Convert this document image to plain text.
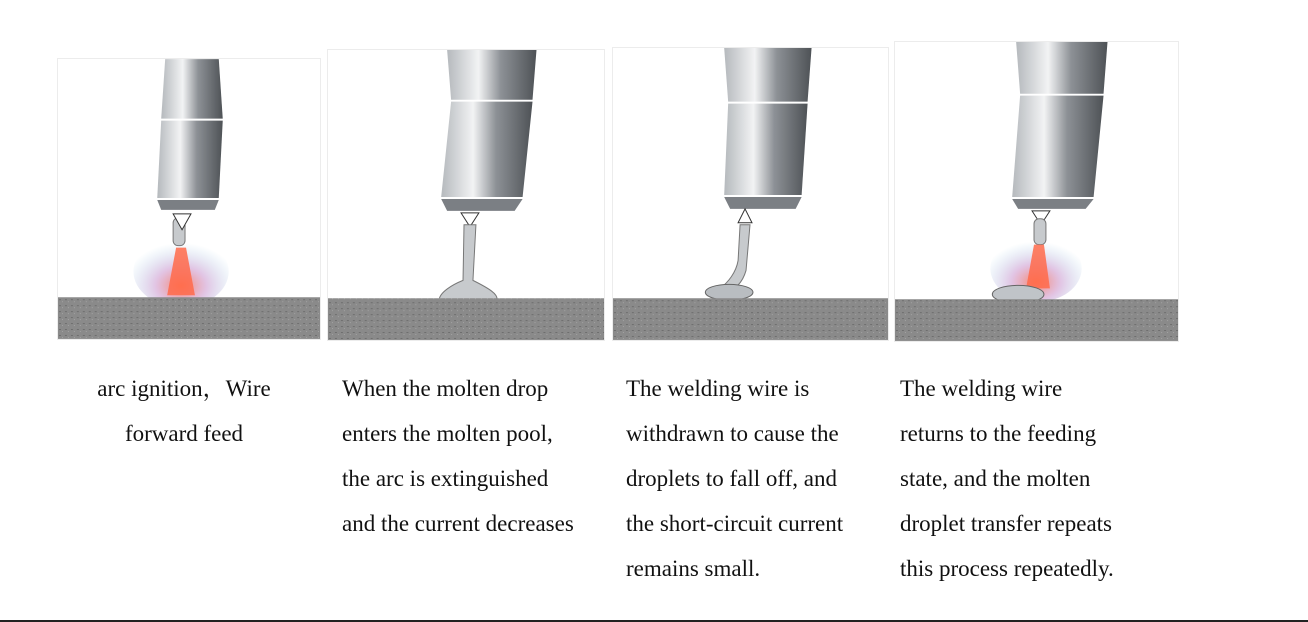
arc ignition，Wire
forward feed
When the molten drop
enters the molten pool,
the arc is extinguished
and the current decreases
The welding wire is
withdrawn to cause the
droplets to fall off, and
the short-circuit current
remains small.
The welding wire
returns to the feeding
state, and the molten
droplet transfer repeats
this process repeatedly.
